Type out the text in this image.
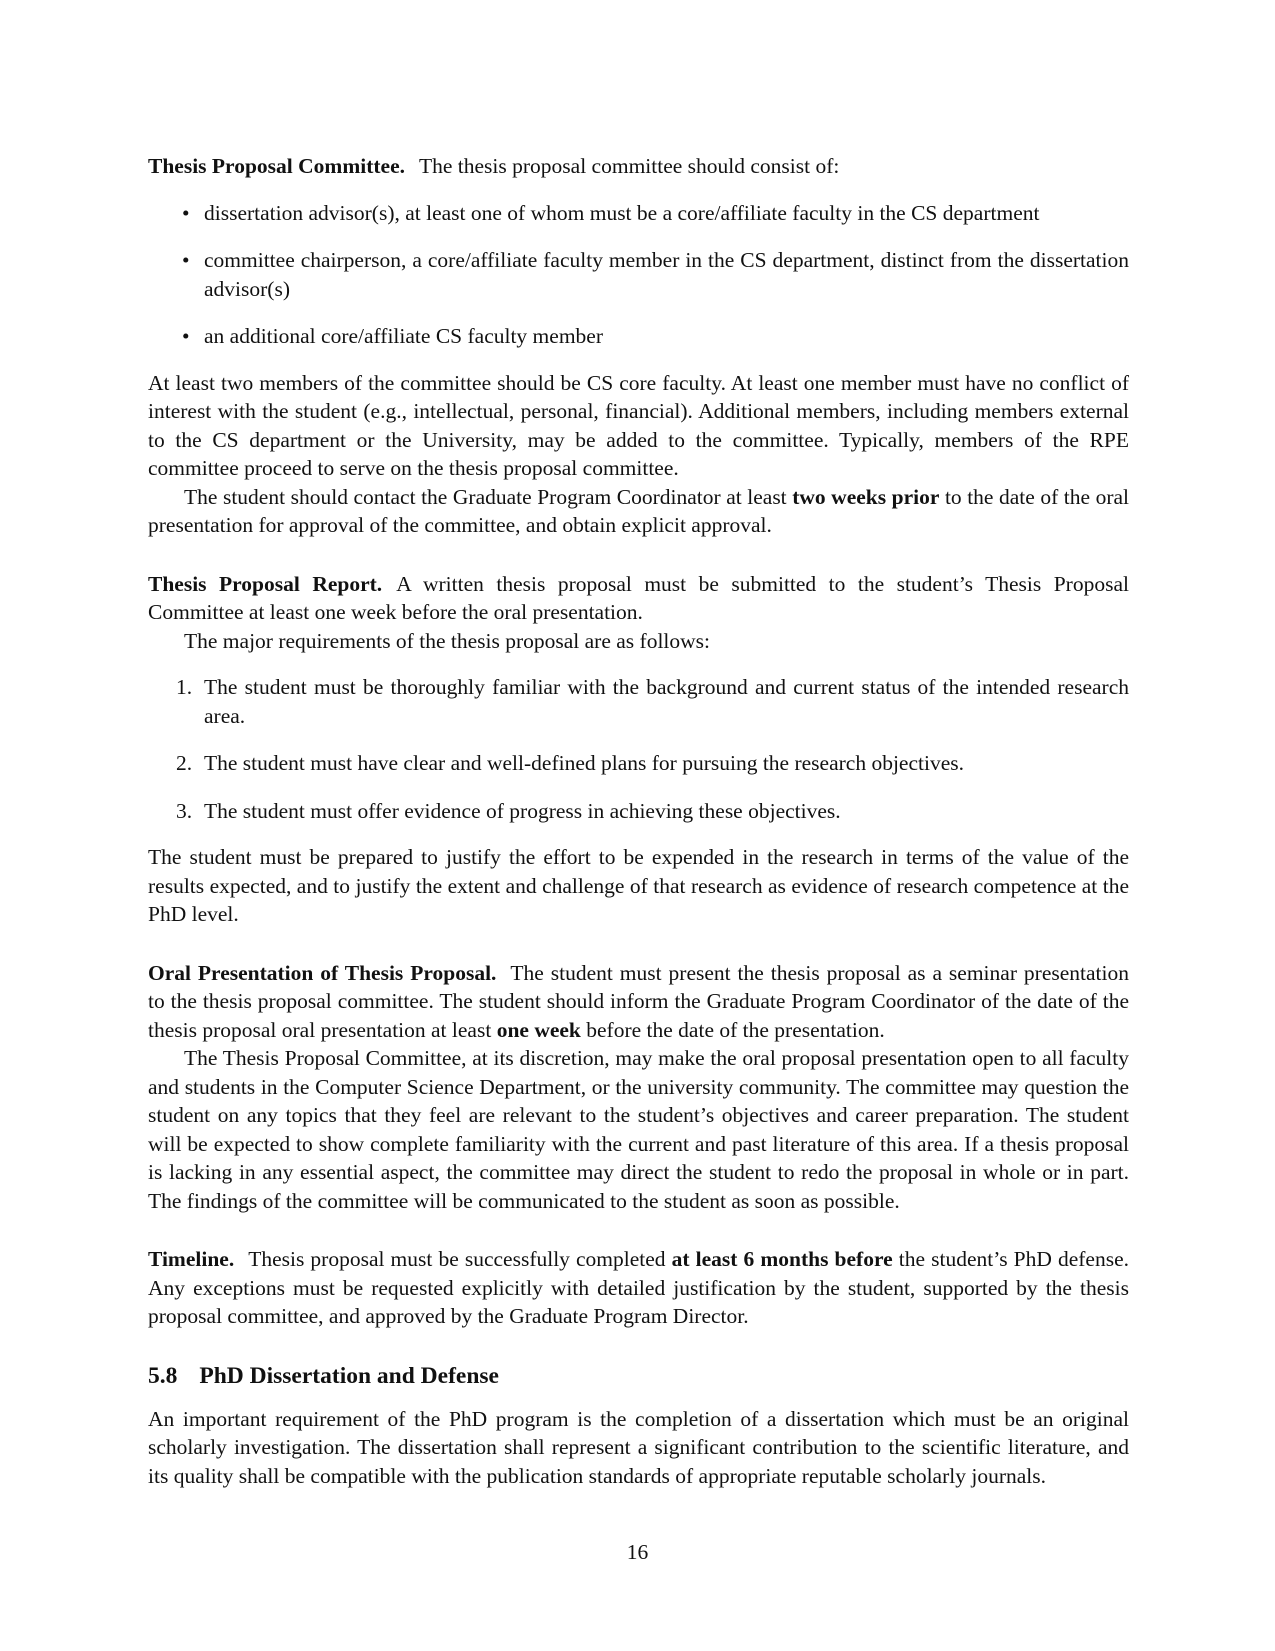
Thesis Proposal Committee. The thesis proposal committee should consist of:

• dissertation advisor(s), at least one of whom must be a core/affiliate faculty in the CS department
• committee chairperson, a core/affiliate faculty member in the CS department, distinct from the dissertation advisor(s)
• an additional core/affiliate CS faculty member

At least two members of the committee should be CS core faculty. At least one member must have no conflict of interest with the student (e.g., intellectual, personal, financial). Additional members, including members external to the CS department or the University, may be added to the committee. Typically, members of the RPE committee proceed to serve on the thesis proposal committee.

The student should contact the Graduate Program Coordinator at least two weeks prior to the date of the oral presentation for approval of the committee, and obtain explicit approval.

Thesis Proposal Report. A written thesis proposal must be submitted to the student’s Thesis Proposal Committee at least one week before the oral presentation.

The major requirements of the thesis proposal are as follows:

1. The student must be thoroughly familiar with the background and current status of the intended research area.
2. The student must have clear and well-defined plans for pursuing the research objectives.
3. The student must offer evidence of progress in achieving these objectives.

The student must be prepared to justify the effort to be expended in the research in terms of the value of the results expected, and to justify the extent and challenge of that research as evidence of research competence at the PhD level.

Oral Presentation of Thesis Proposal. The student must present the thesis proposal as a seminar presentation to the thesis proposal committee. The student should inform the Graduate Program Coordinator of the date of the thesis proposal oral presentation at least one week before the date of the presentation.

The Thesis Proposal Committee, at its discretion, may make the oral proposal presentation open to all faculty and students in the Computer Science Department, or the university community. The committee may question the student on any topics that they feel are relevant to the student’s objectives and career preparation. The student will be expected to show complete familiarity with the current and past literature of this area. If a thesis proposal is lacking in any essential aspect, the committee may direct the student to redo the proposal in whole or in part. The findings of the committee will be communicated to the student as soon as possible.

Timeline. Thesis proposal must be successfully completed at least 6 months before the student’s PhD defense. Any exceptions must be requested explicitly with detailed justification by the student, supported by the thesis proposal committee, and approved by the Graduate Program Director.

5.8 PhD Dissertation and Defense

An important requirement of the PhD program is the completion of a dissertation which must be an original scholarly investigation. The dissertation shall represent a significant contribution to the scientific literature, and its quality shall be compatible with the publication standards of appropriate reputable scholarly journals.

16
